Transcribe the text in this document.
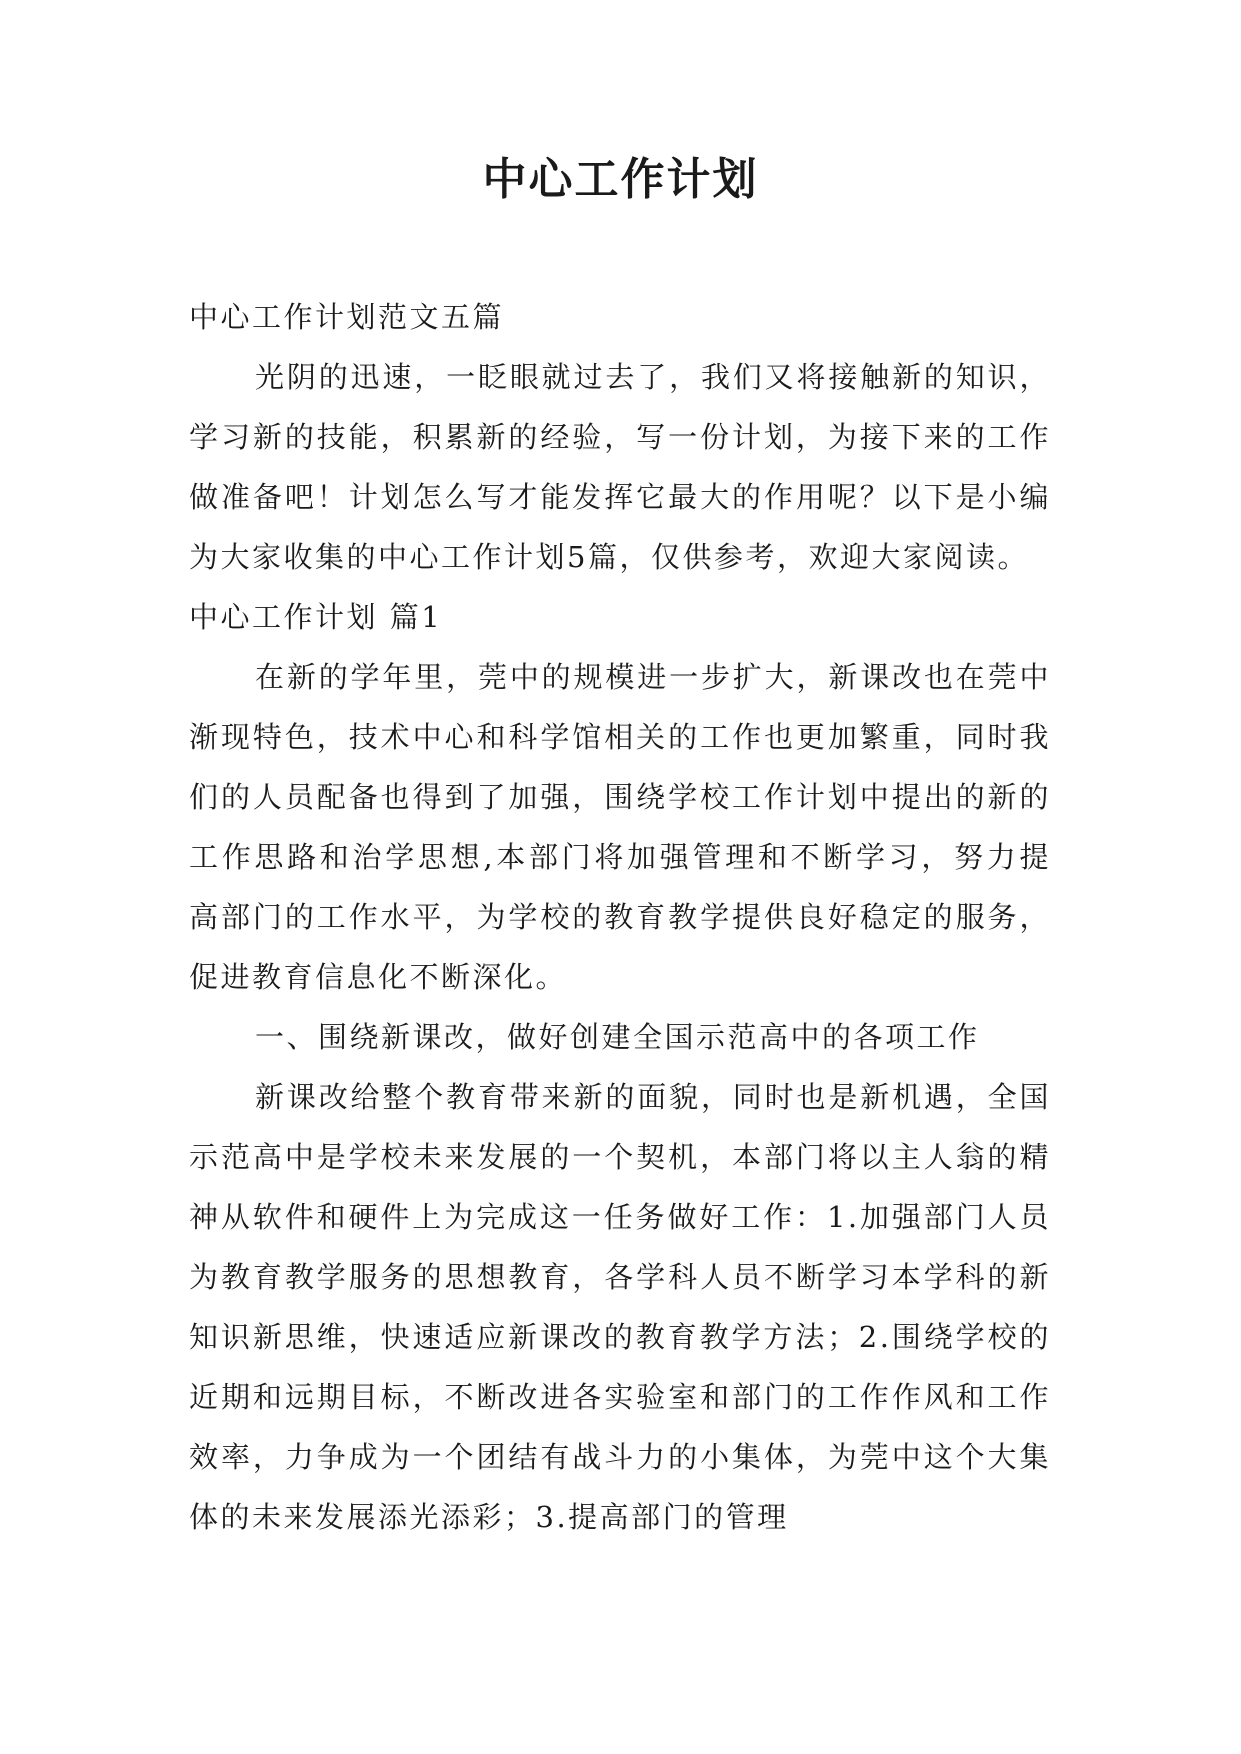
中心工作计划

中心工作计划范文五篇

光阴的迅速，一眨眼就过去了，我们又将接触新的知识，学习新的技能，积累新的经验，写一份计划，为接下来的工作做准备吧！计划怎么写才能发挥它最大的作用呢？以下是小编为大家收集的中心工作计划5篇，仅供参考，欢迎大家阅读。

中心工作计划 篇1

在新的学年里，莞中的规模进一步扩大，新课改也在莞中渐现特色，技术中心和科学馆相关的工作也更加繁重，同时我们的人员配备也得到了加强，围绕学校工作计划中提出的新的工作思路和治学思想,本部门将加强管理和不断学习，努力提高部门的工作水平，为学校的教育教学提供良好稳定的服务，促进教育信息化不断深化。

一、围绕新课改，做好创建全国示范高中的各项工作

新课改给整个教育带来新的面貌，同时也是新机遇，全国示范高中是学校未来发展的一个契机，本部门将以主人翁的精神从软件和硬件上为完成这一任务做好工作：1.加强部门人员为教育教学服务的思想教育，各学科人员不断学习本学科的新知识新思维，快速适应新课改的教育教学方法；2.围绕学校的近期和远期目标，不断改进各实验室和部门的工作作风和工作效率，力争成为一个团结有战斗力的小集体，为莞中这个大集体的未来发展添光添彩；3.提高部门的管理
